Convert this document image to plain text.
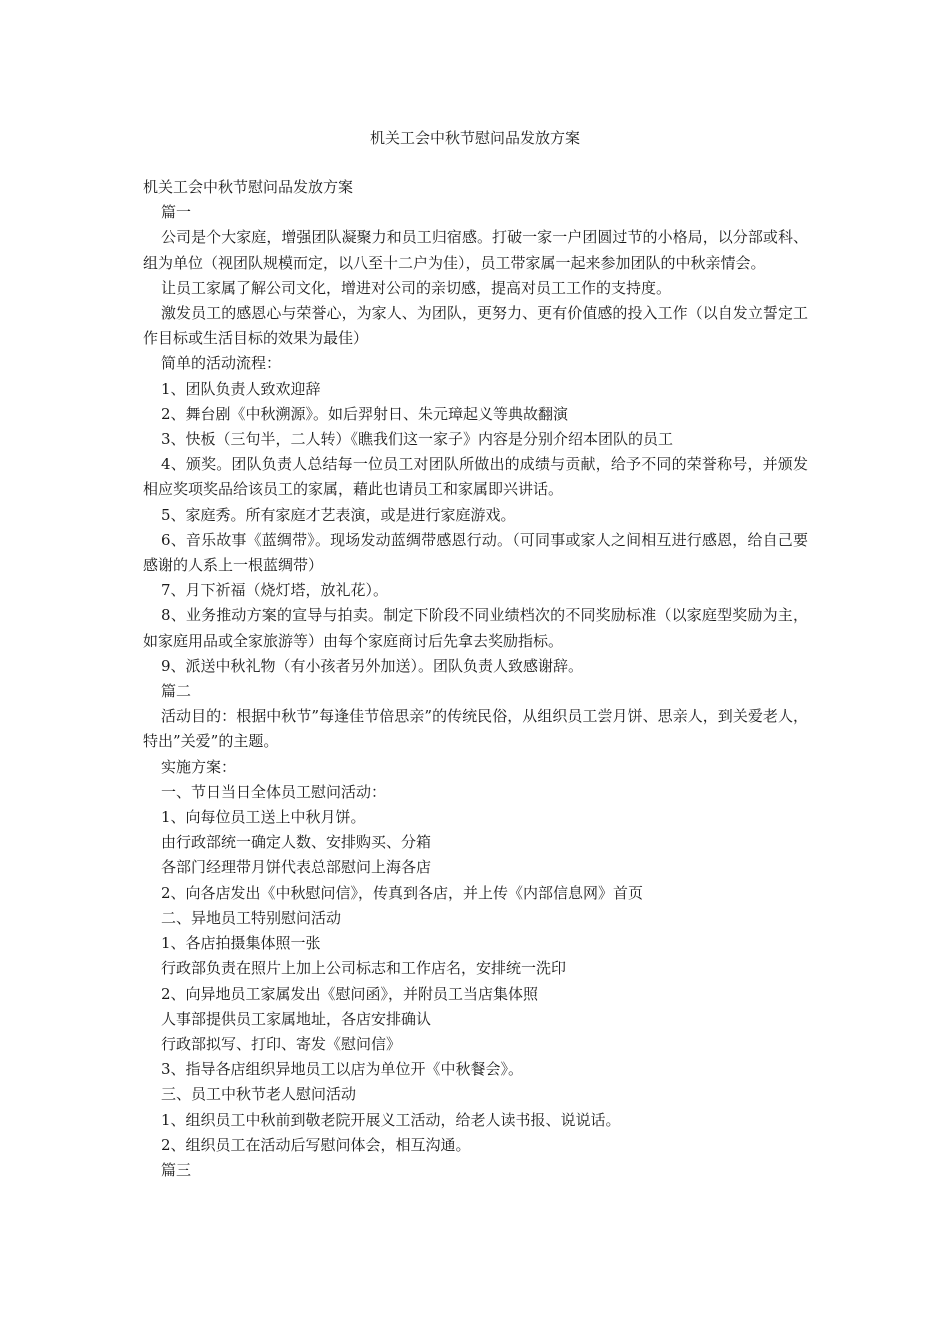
机关工会中秋节慰问品发放方案

机关工会中秋节慰问品发放方案

篇一

公司是个大家庭，增强团队凝聚力和员工归宿感。打破一家一户团圆过节的小格局，以分部或科、组为单位（视团队规模而定，以八至十二户为佳），员工带家属一起来参加团队的中秋亲情会。

让员工家属了解公司文化，增进对公司的亲切感，提高对员工工作的支持度。

激发员工的感恩心与荣誉心，为家人、为团队，更努力、更有价值感的投入工作（以自发立誓定工作目标或生活目标的效果为最佳）

简单的活动流程：

1、团队负责人致欢迎辞

2、舞台剧《中秋溯源》。如后羿射日、朱元璋起义等典故翻演

3、快板（三句半，二人转）《瞧我们这一家子》内容是分别介绍本团队的员工

4、颁奖。团队负责人总结每一位员工对团队所做出的成绩与贡献，给予不同的荣誉称号，并颁发相应奖项奖品给该员工的家属，藉此也请员工和家属即兴讲话。

5、家庭秀。所有家庭才艺表演，或是进行家庭游戏。

6、音乐故事《蓝绸带》。现场发动蓝绸带感恩行动。（可同事或家人之间相互进行感恩，给自己要感谢的人系上一根蓝绸带）

7、月下祈福（烧灯塔，放礼花）。

8、业务推动方案的宣导与拍卖。制定下阶段不同业绩档次的不同奖励标准（以家庭型奖励为主，如家庭用品或全家旅游等）由每个家庭商讨后先拿去奖励指标。

9、派送中秋礼物（有小孩者另外加送）。团队负责人致感谢辞。

篇二

活动目的：根据中秋节”每逢佳节倍思亲”的传统民俗，从组织员工尝月饼、思亲人，到关爱老人，特出”关爱”的主题。

实施方案：

一、节日当日全体员工慰问活动：

1、向每位员工送上中秋月饼。

由行政部统一确定人数、安排购买、分箱

各部门经理带月饼代表总部慰问上海各店

2、向各店发出《中秋慰问信》，传真到各店，并上传《内部信息网》首页

二、异地员工特别慰问活动

1、各店拍摄集体照一张

行政部负责在照片上加上公司标志和工作店名，安排统一洗印

2、向异地员工家属发出《慰问函》，并附员工当店集体照

人事部提供员工家属地址，各店安排确认

行政部拟写、打印、寄发《慰问信》

3、指导各店组织异地员工以店为单位开《中秋餐会》。

三、员工中秋节老人慰问活动

1、组织员工中秋前到敬老院开展义工活动，给老人读书报、说说话。

2、组织员工在活动后写慰问体会，相互沟通。

篇三
